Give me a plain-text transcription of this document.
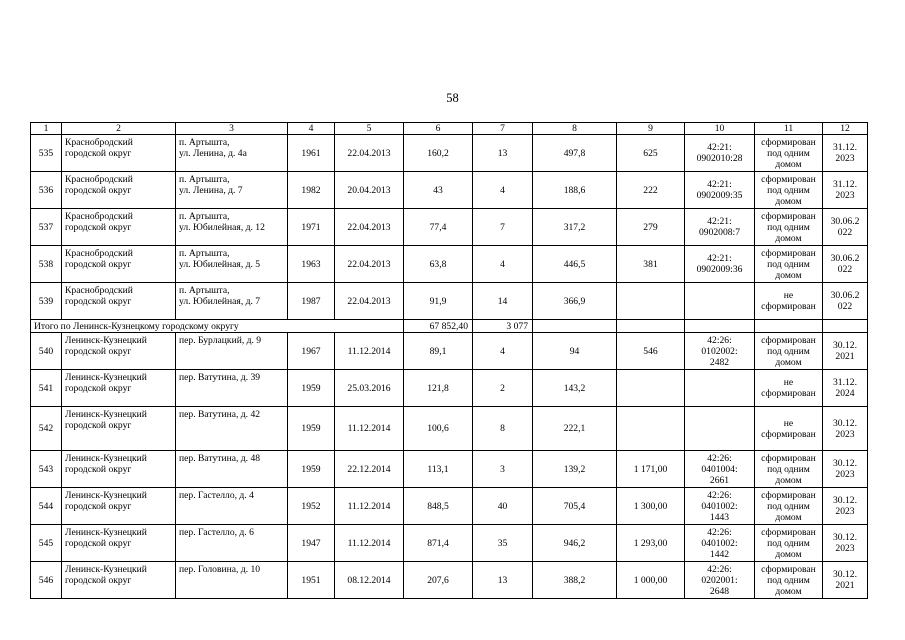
58
1	2	3	4	5	6	7	8	9	10	11	12
535	Краснобродский
городской округ	п. Артышта,
ул. Ленина, д. 4а	1961	22.04.2013	160,2	13	497,8	625	42:21:
0902010:28	сформирован
под одним
домом	31.12.
2023
536	Краснобродский
городской округ	п. Артышта,
ул. Ленина, д. 7	1982	20.04.2013	43	4	188,6	222	42:21:
0902009:35	сформирован
под одним
домом	31.12.
2023
537	Краснобродский
городской округ	п. Артышта,
ул. Юбилейная, д. 12	1971	22.04.2013	77,4	7	317,2	279	42:21:
0902008:7	сформирован
под одним
домом	30.06.2
022
538	Краснобродский
городской округ	п. Артышта,
ул. Юбилейная, д. 5	1963	22.04.2013	63,8	4	446,5	381	42:21:
0902009:36	сформирован
под одним
домом	30.06.2
022
539	Краснобродский
городской округ	п. Артышта,
ул. Юбилейная, д. 7	1987	22.04.2013	91,9	14	366,9			не
сформирован	30.06.2
022
Итого по Ленинск-Кузнецкому городскому округу					67 852,40	3 077					
540	Ленинск-Кузнецкий
городской округ	пер. Бурлацкий, д. 9	1967	11.12.2014	89,1	4	94	546	42:26:
0102002:
2482	сформирован
под одним
домом	30.12.
2021
541	Ленинск-Кузнецкий
городской округ	пер. Ватутина, д. 39	1959	25.03.2016	121,8	2	143,2			не
сформирован	31.12.
2024
542	Ленинск-Кузнецкий
городской округ	пер. Ватутина, д. 42	1959	11.12.2014	100,6	8	222,1			не
сформирован	30.12.
2023
543	Ленинск-Кузнецкий
городской округ	пер. Ватутина, д. 48	1959	22.12.2014	113,1	3	139,2	1 171,00	42:26:
0401004:
2661	сформирован
под одним
домом	30.12.
2023
544	Ленинск-Кузнецкий
городской округ	пер. Гастелло, д. 4	1952	11.12.2014	848,5	40	705,4	1 300,00	42:26:
0401002:
1443	сформирован
под одним
домом	30.12.
2023
545	Ленинск-Кузнецкий
городской округ	пер. Гастелло, д. 6	1947	11.12.2014	871,4	35	946,2	1 293,00	42:26:
0401002:
1442	сформирован
под одним
домом	30.12.
2023
546	Ленинск-Кузнецкий
городской округ	пер. Головина, д. 10	1951	08.12.2014	207,6	13	388,2	1 000,00	42:26:
0202001:
2648	сформирован
под одним
домом	30.12.
2021
